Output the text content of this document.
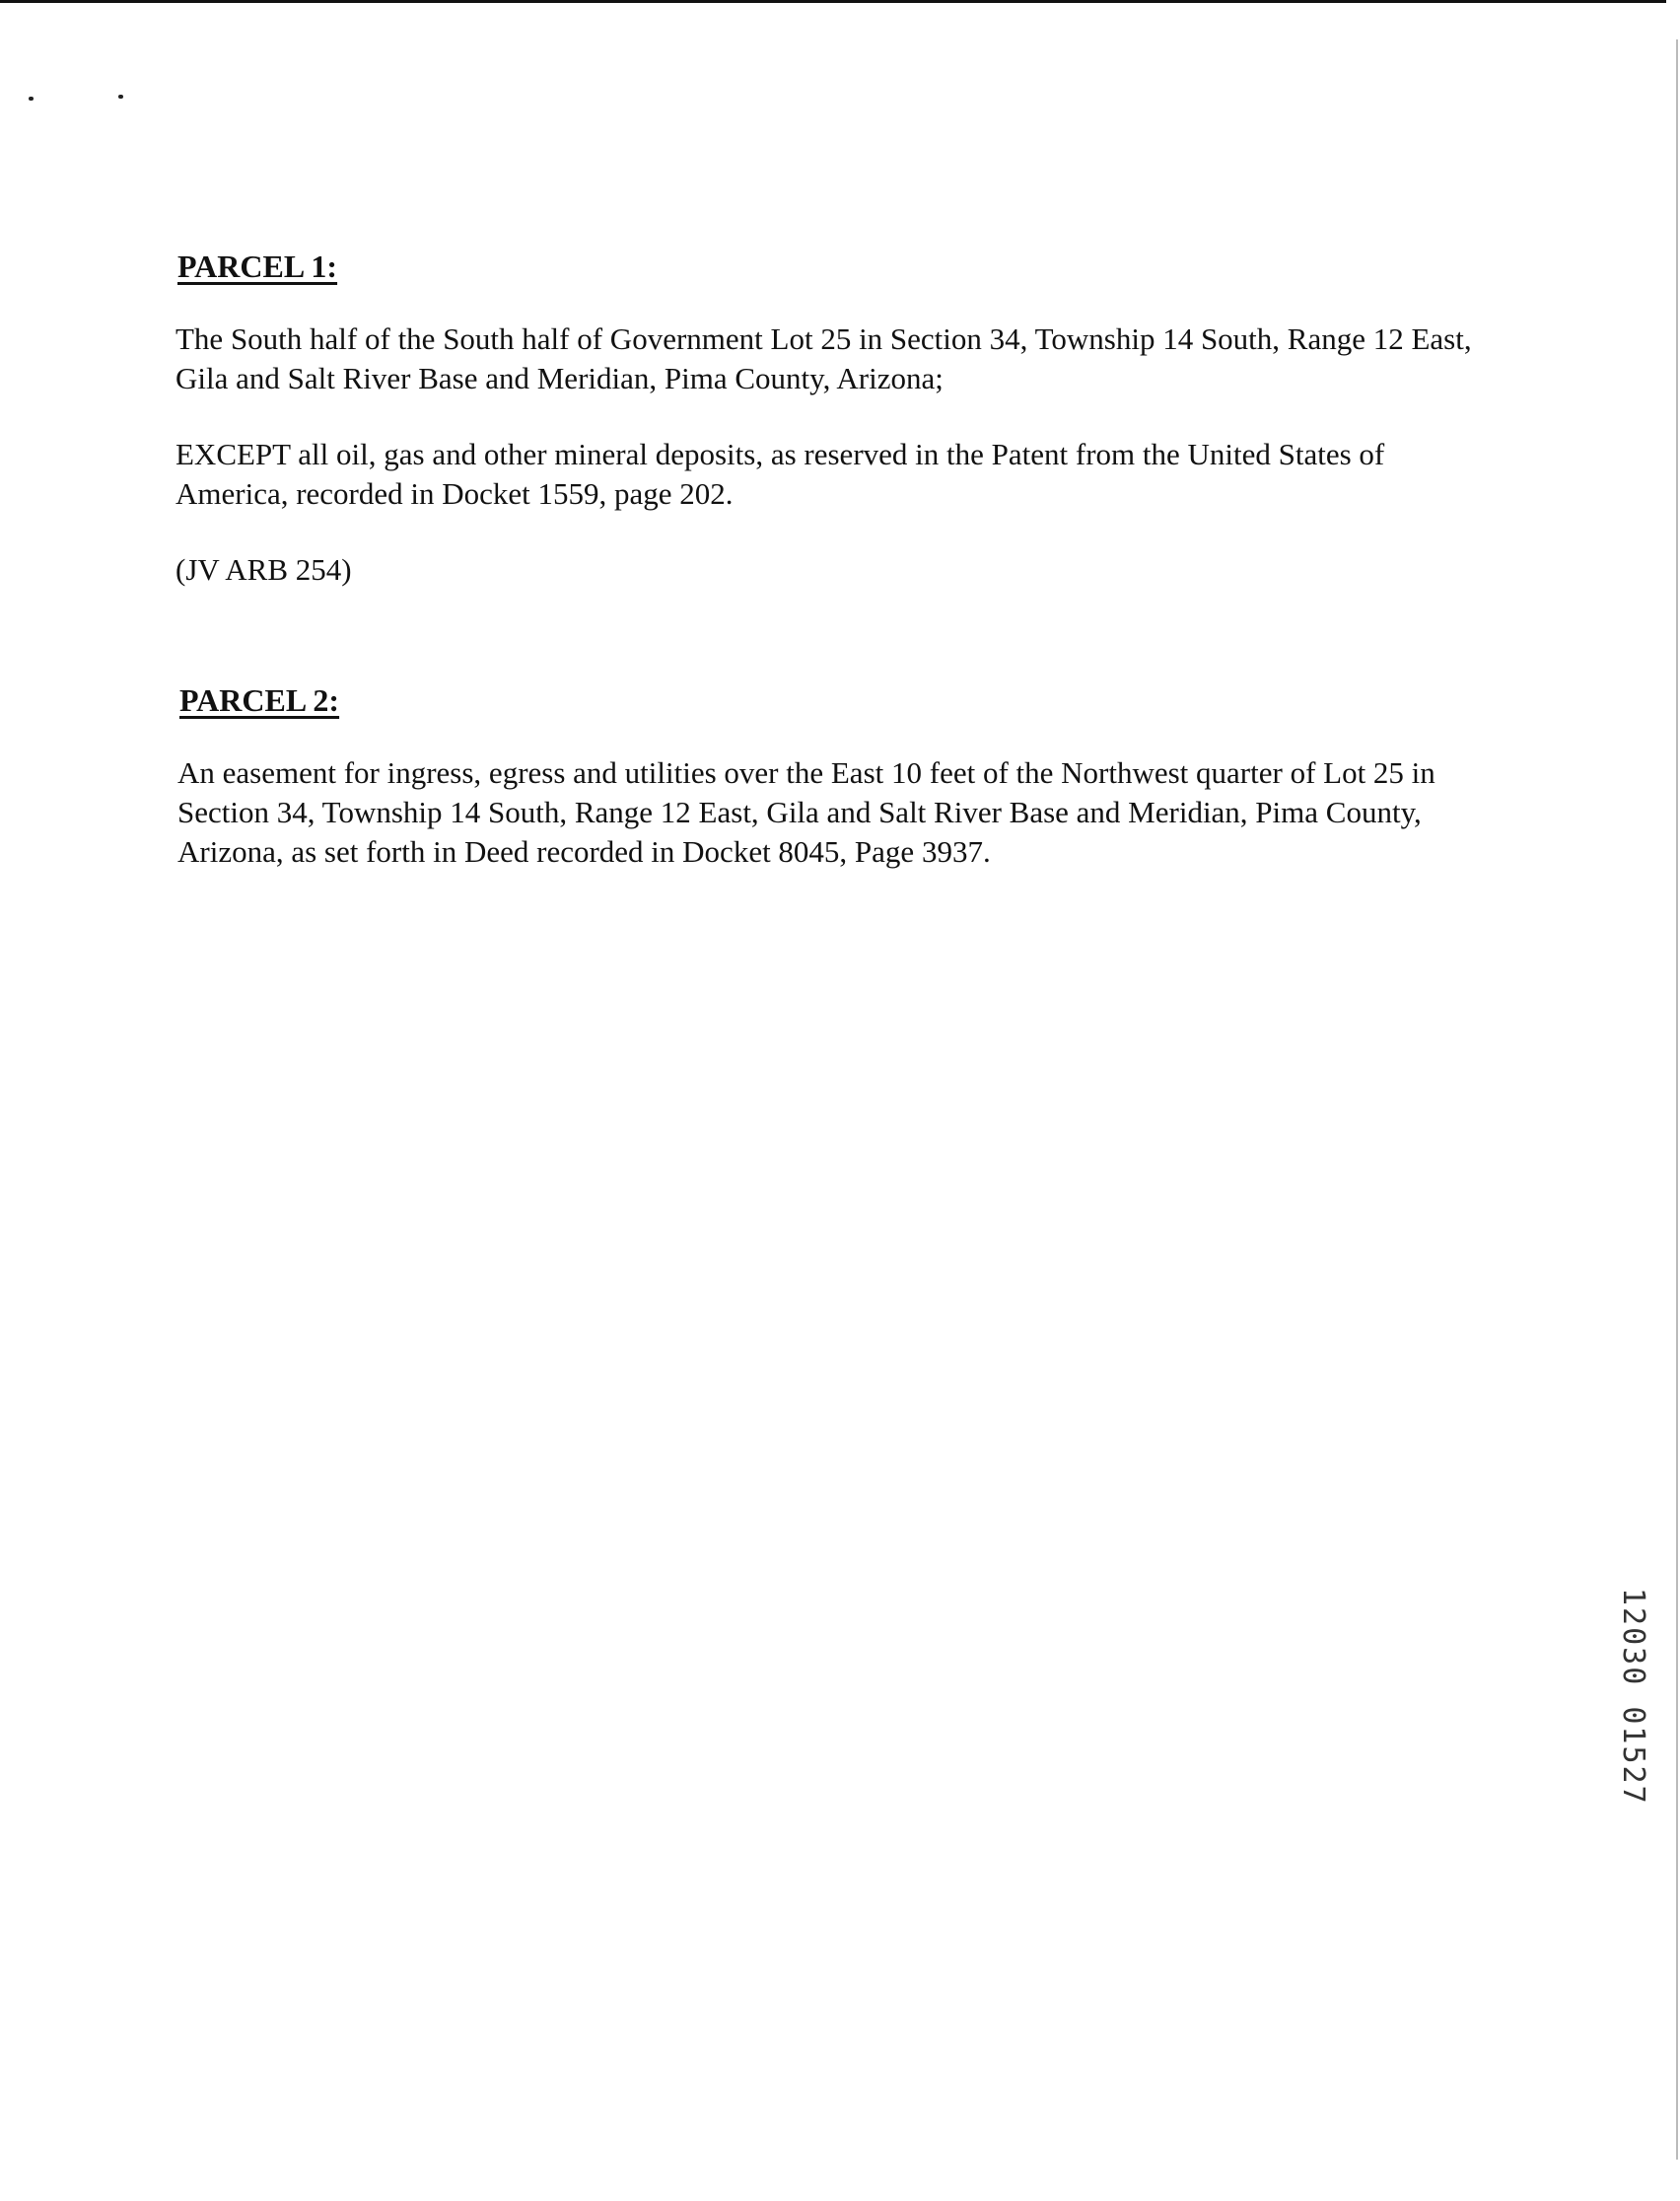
PARCEL 1:

The South half of the South half of Government Lot 25 in Section 34, Township 14 South, Range 12 East, Gila and Salt River Base and Meridian, Pima County, Arizona;

EXCEPT all oil, gas and other mineral deposits, as reserved in the Patent from the United States of America, recorded in Docket 1559, page 202.

(JV ARB 254)

PARCEL 2:

An easement for ingress, egress and utilities over the East 10 feet of the Northwest quarter of Lot 25 in Section 34, Township 14 South, Range 12 East, Gila and Salt River Base and Meridian, Pima County, Arizona, as set forth in Deed recorded in Docket 8045, Page 3937.

12030 01527
